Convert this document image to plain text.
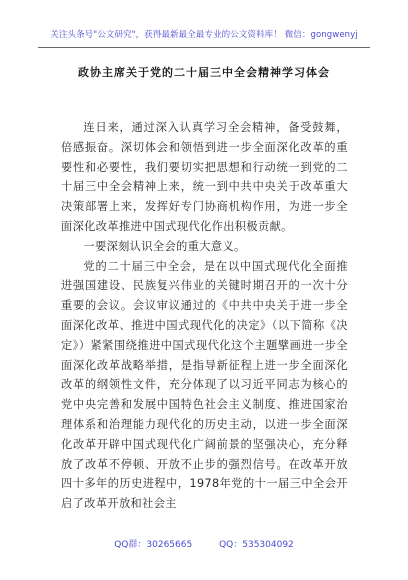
关注头条号"公文研究"，获得最新最全最专业的公文资料库！ 微信：gongwenyj
政协主席关于党的二十届三中全会精神学习体会

连日来，通过深入认真学习全会精神，备受鼓舞，倍感振奋。深切体会和领悟到进一步全面深化改革的重要性和必要性，我们要切实把思想和行动统一到党的二十届三中全会精神上来，统一到中共中央关于改革重大决策部署上来，发挥好专门协商机构作用，为进一步全面深化改革推进中国式现代化作出积极贡献。

一要深刻认识全会的重大意义。

党的二十届三中全会，是在以中国式现代化全面推进强国建设、民族复兴伟业的关键时期召开的一次十分重要的会议。会议审议通过的《中共中央关于进一步全面深化改革、推进中国式现代化的决定》（以下简称《决定》）紧紧围绕推进中国式现代化这个主题擘画进一步全面深化改革战略举措，是指导新征程上进一步全面深化改革的纲领性文件，充分体现了以习近平同志为核心的党中央完善和发展中国特色社会主义制度、推进国家治理体系和治理能力现代化的历史主动，以进一步全面深化改革开辟中国式现代化广阔前景的坚强决心，充分释放了改革不停顿、开放不止步的强烈信号。在改革开放四十多年的历史进程中，1978年党的十一届三中全会开启了改革开放和社会主

QQ群：30265665	QQ：535304092
